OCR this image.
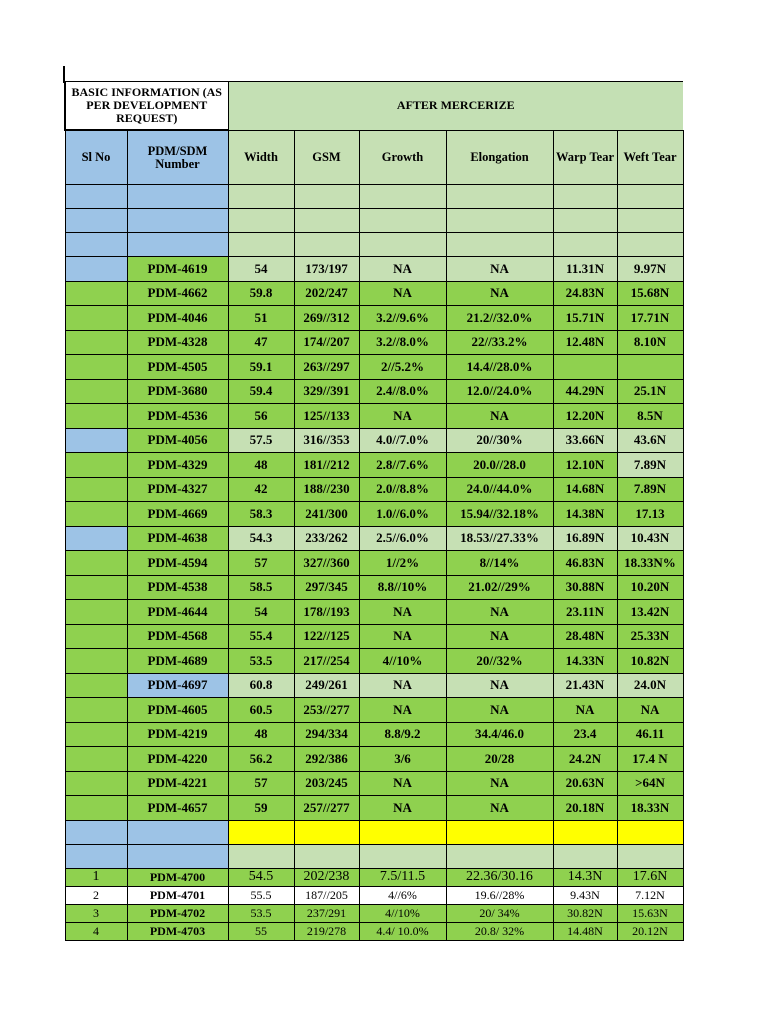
BASIC INFORMATION (AS PER DEVELOPMENT REQUEST)		AFTER MERCERIZE					
Sl No	PDM/SDM Number	Width	GSM	Growth	Elongation	Warp Tear	Weft Tear

	PDM-4619	54	173/197	NA	NA	11.31N	9.97N
	PDM-4662	59.8	202/247	NA	NA	24.83N	15.68N
	PDM-4046	51	269//312	3.2//9.6%	21.2//32.0%	15.71N	17.71N
	PDM-4328	47	174//207	3.2//8.0%	22//33.2%	12.48N	8.10N
	PDM-4505	59.1	263//297	2//5.2%	14.4//28.0%		
	PDM-3680	59.4	329//391	2.4//8.0%	12.0//24.0%	44.29N	25.1N
	PDM-4536	56	125//133	NA	NA	12.20N	8.5N
	PDM-4056	57.5	316//353	4.0//7.0%	20//30%	33.66N	43.6N
	PDM-4329	48	181//212	2.8//7.6%	20.0//28.0	12.10N	7.89N
	PDM-4327	42	188//230	2.0//8.8%	24.0//44.0%	14.68N	7.89N
	PDM-4669	58.3	241/300	1.0//6.0%	15.94//32.18%	14.38N	17.13
	PDM-4638	54.3	233/262	2.5//6.0%	18.53//27.33%	16.89N	10.43N
	PDM-4594	57	327//360	1//2%	8//14%	46.83N	18.33N%
	PDM-4538	58.5	297/345	8.8//10%	21.02//29%	30.88N	10.20N
	PDM-4644	54	178//193	NA	NA	23.11N	13.42N
	PDM-4568	55.4	122//125	NA	NA	28.48N	25.33N
	PDM-4689	53.5	217//254	4//10%	20//32%	14.33N	10.82N
	PDM-4697	60.8	249/261	NA	NA	21.43N	24.0N
	PDM-4605	60.5	253//277	NA	NA	NA	NA
	PDM-4219	48	294/334	8.8/9.2	34.4/46.0	23.4	46.11
	PDM-4220	56.2	292/386	3/6	20/28	24.2N	17.4 N
	PDM-4221	57	203/245	NA	NA	20.63N	>64N
	PDM-4657	59	257//277	NA	NA	20.18N	18.33N

1	PDM-4700	54.5	202/238	7.5/11.5	22.36/30.16	14.3N	17.6N
2	PDM-4701	55.5	187//205	4//6%	19.6//28%	9.43N	7.12N
3	PDM-4702	53.5	237/291	4//10%	20/ 34%	30.82N	15.63N
4	PDM-4703	55	219/278	4.4/ 10.0%	20.8/ 32%	14.48N	20.12N
